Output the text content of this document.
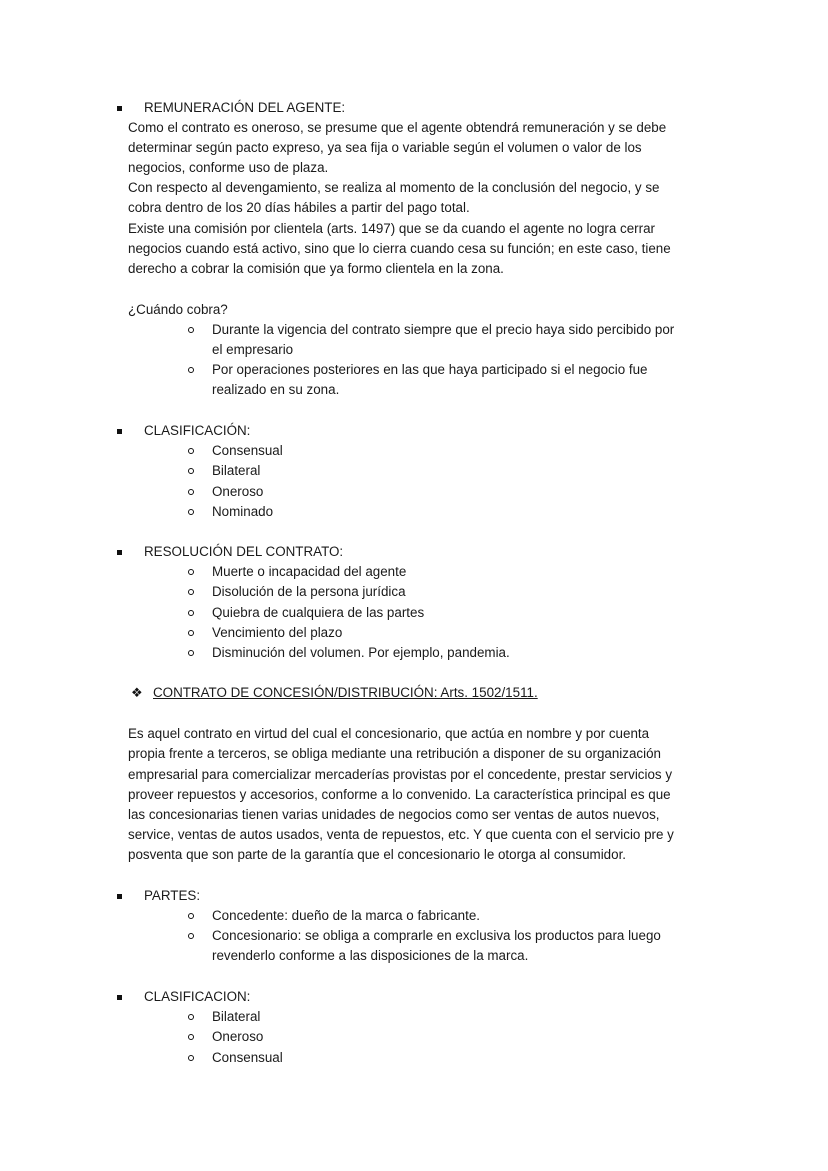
REMUNERACIÓN DEL AGENTE:
Como el contrato es oneroso, se presume que el agente obtendrá remuneración y se debe
determinar según pacto expreso, ya sea fija o variable según el volumen o valor de los
negocios, conforme uso de plaza.
Con respecto al devengamiento, se realiza al momento de la conclusión del negocio, y se
cobra dentro de los 20 días hábiles a partir del pago total.
Existe una comisión por clientela (arts. 1497) que se da cuando el agente no logra cerrar
negocios cuando está activo, sino que lo cierra cuando cesa su función; en este caso, tiene
derecho a cobrar la comisión que ya formo clientela en la zona.
¿Cuándo cobra?
Durante la vigencia del contrato siempre que el precio haya sido percibido por
el empresario
Por operaciones posteriores en las que haya participado si el negocio fue
realizado en su zona.
CLASIFICACIÓN:
Consensual
Bilateral
Oneroso
Nominado
RESOLUCIÓN DEL CONTRATO:
Muerte o incapacidad del agente
Disolución de la persona jurídica
Quiebra de cualquiera de las partes
Vencimiento del plazo
Disminución del volumen. Por ejemplo, pandemia.
❖ CONTRATO DE CONCESIÓN/DISTRIBUCIÓN: Arts. 1502/1511.
Es aquel contrato en virtud del cual el concesionario, que actúa en nombre y por cuenta
propia frente a terceros, se obliga mediante una retribución a disponer de su organización
empresarial para comercializar mercaderías provistas por el concedente, prestar servicios y
proveer repuestos y accesorios, conforme a lo convenido. La característica principal es que
las concesionarias tienen varias unidades de negocios como ser ventas de autos nuevos,
service, ventas de autos usados, venta de repuestos, etc. Y que cuenta con el servicio pre y
posventa que son parte de la garantía que el concesionario le otorga al consumidor.
PARTES:
Concedente: dueño de la marca o fabricante.
Concesionario: se obliga a comprarle en exclusiva los productos para luego
revenderlo conforme a las disposiciones de la marca.
CLASIFICACION:
Bilateral
Oneroso
Consensual
